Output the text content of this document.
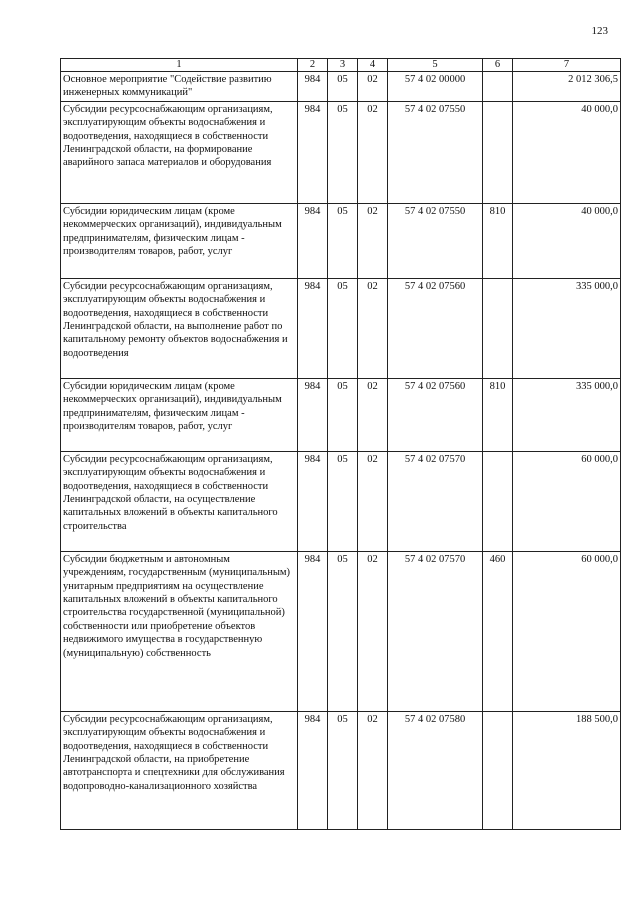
123
1	2	3	4	5	6	7
Основное мероприятие "Содействие развитию инженерных коммуникаций"	984	05	02	57 4 02 00000		2 012 306,5
Субсидии ресурсоснабжающим организациям, эксплуатирующим объекты водоснабжения и водоотведения, находящиеся в собственности Ленинградской области, на формирование аварийного запаса материалов и оборудования	984	05	02	57 4 02 07550		40 000,0
Субсидии юридическим лицам (кроме некоммерческих организаций), индивидуальным предпринимателям, физическим лицам - производителям товаров, работ, услуг	984	05	02	57 4 02 07550	810	40 000,0
Субсидии ресурсоснабжающим организациям, эксплуатирующим объекты водоснабжения и водоотведения, находящиеся в собственности Ленинградской области, на выполнение работ по капитальному ремонту объектов водоснабжения и водоотведения	984	05	02	57 4 02 07560		335 000,0
Субсидии юридическим лицам (кроме некоммерческих организаций), индивидуальным предпринимателям, физическим лицам - производителям товаров, работ, услуг	984	05	02	57 4 02 07560	810	335 000,0
Субсидии ресурсоснабжающим организациям, эксплуатирующим объекты водоснабжения и водоотведения, находящиеся в собственности Ленинградской области, на осуществление капитальных вложений в объекты капитального строительства	984	05	02	57 4 02 07570		60 000,0
Субсидии бюджетным и автономным учреждениям, государственным (муниципальным) унитарным предприятиям на осуществление капитальных вложений в объекты капитального строительства государственной (муниципальной) собственности или приобретение объектов недвижимого имущества в государственную (муниципальную) собственность	984	05	02	57 4 02 07570	460	60 000,0
Субсидии ресурсоснабжающим организациям, эксплуатирующим объекты водоснабжения и водоотведения, находящиеся в собственности Ленинградской области, на приобретение автотранспорта и спецтехники для обслуживания водопроводно-канализационного хозяйства	984	05	02	57 4 02 07580		188 500,0
